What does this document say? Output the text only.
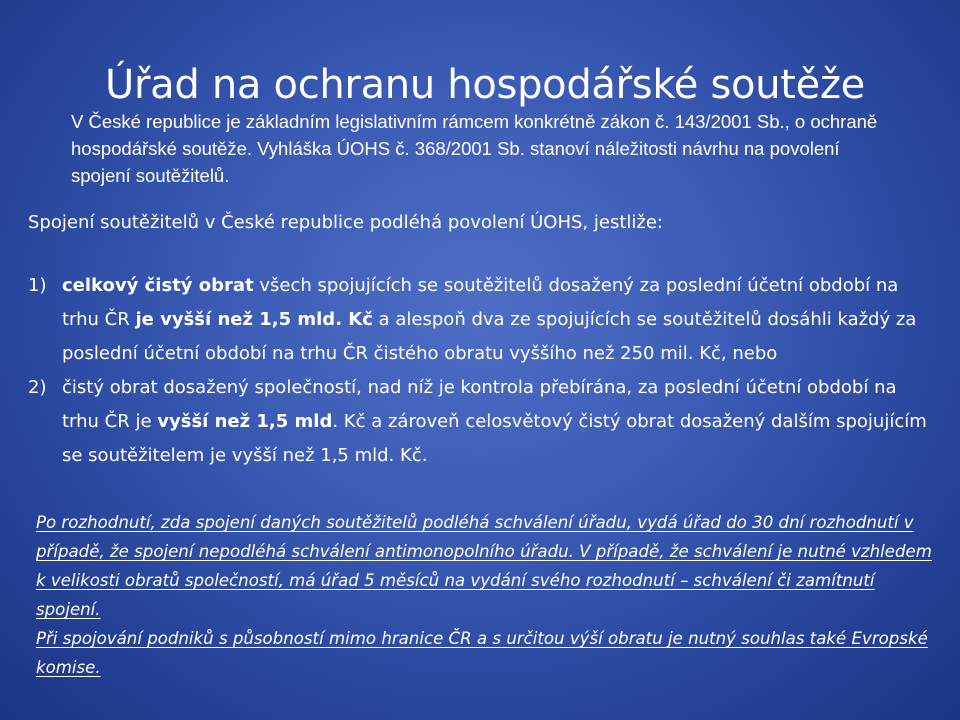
Úřad na ochranu hospodářské soutěže
V České republice je základním legislativním rámcem konkrétně zákon č. 143/2001 Sb., o ochraně hospodářské soutěže. Vyhláška ÚOHS č. 368/2001 Sb. stanoví náležitosti návrhu na povolení spojení soutěžitelů.
Spojení soutěžitelů v České republice podléhá povolení ÚOHS, jestliže:
1) celkový čistý obrat všech spojujících se soutěžitelů dosažený za poslední účetní období na trhu ČR je vyšší než 1,5 mld. Kč a alespoň dva ze spojujících se soutěžitelů dosáhli každý za poslední účetní období na trhu ČR čistého obratu vyššího než 250 mil. Kč, nebo
2) čistý obrat dosažený společností, nad níž je kontrola přebírána, za poslední účetní období na trhu ČR je vyšší než 1,5 mld. Kč a zároveň celosvětový čistý obrat dosažený dalším spojujícím se soutěžitelem je vyšší než 1,5 mld. Kč.

Po rozhodnutí, zda spojení daných soutěžitelů podléhá schválení úřadu, vydá úřad do 30 dní rozhodnutí v případě, že spojení nepodléhá schválení antimonopolního úřadu. V případě, že schválení je nutné vzhledem k velikosti obratů společností, má úřad 5 měsíců na vydání svého rozhodnutí – schválení či zamítnutí spojení.

Při spojování podniků s působností mimo hranice ČR a s určitou výší obratu je nutný souhlas také Evropské komise.
